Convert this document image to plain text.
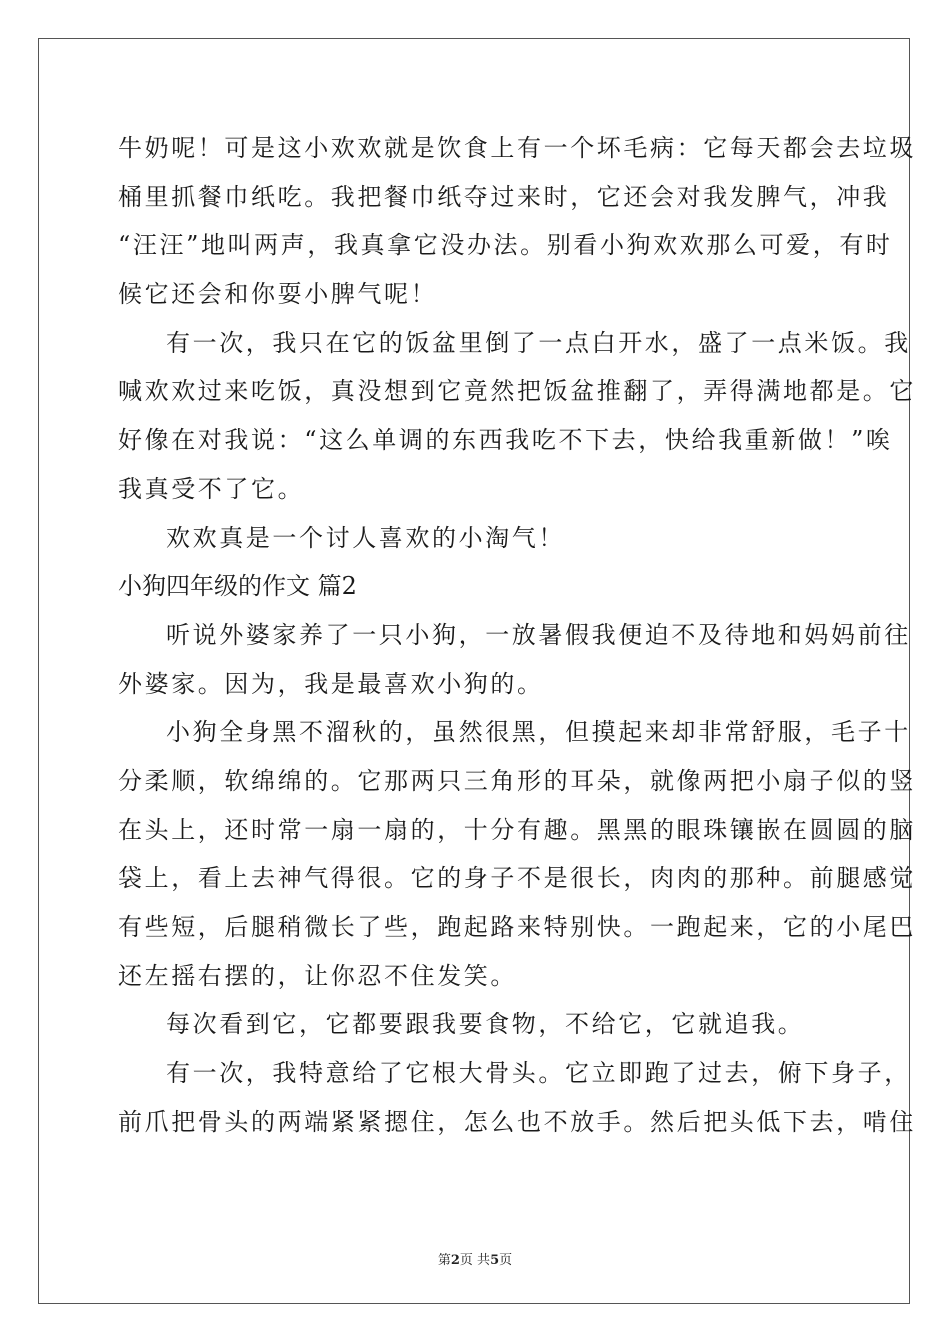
牛奶呢！可是这小欢欢就是饮食上有一个坏毛病：它每天都会去垃圾
桶里抓餐巾纸吃。我把餐巾纸夺过来时，它还会对我发脾气，冲我
“汪汪”地叫两声，我真拿它没办法。别看小狗欢欢那么可爱，有时
候它还会和你耍小脾气呢！
有一次，我只在它的饭盆里倒了一点白开水，盛了一点米饭。我
喊欢欢过来吃饭，真没想到它竟然把饭盆推翻了，弄得满地都是。它
好像在对我说：“这么单调的东西我吃不下去，快给我重新做！”唉
我真受不了它。
欢欢真是一个讨人喜欢的小淘气！
小狗四年级的作文 篇2
听说外婆家养了一只小狗，一放暑假我便迫不及待地和妈妈前往
外婆家。因为，我是最喜欢小狗的。
小狗全身黑不溜秋的，虽然很黑，但摸起来却非常舒服，毛子十
分柔顺，软绵绵的。它那两只三角形的耳朵，就像两把小扇子似的竖
在头上，还时常一扇一扇的，十分有趣。黑黑的眼珠镶嵌在圆圆的脑
袋上，看上去神气得很。它的身子不是很长，肉肉的那种。前腿感觉
有些短，后腿稍微长了些，跑起路来特别快。一跑起来，它的小尾巴
还左摇右摆的，让你忍不住发笑。
每次看到它，它都要跟我要食物，不给它，它就追我。
有一次，我特意给了它根大骨头。它立即跑了过去，俯下身子，
前爪把骨头的两端紧紧摁住，怎么也不放手。然后把头低下去，啃住
第2页 共5页
